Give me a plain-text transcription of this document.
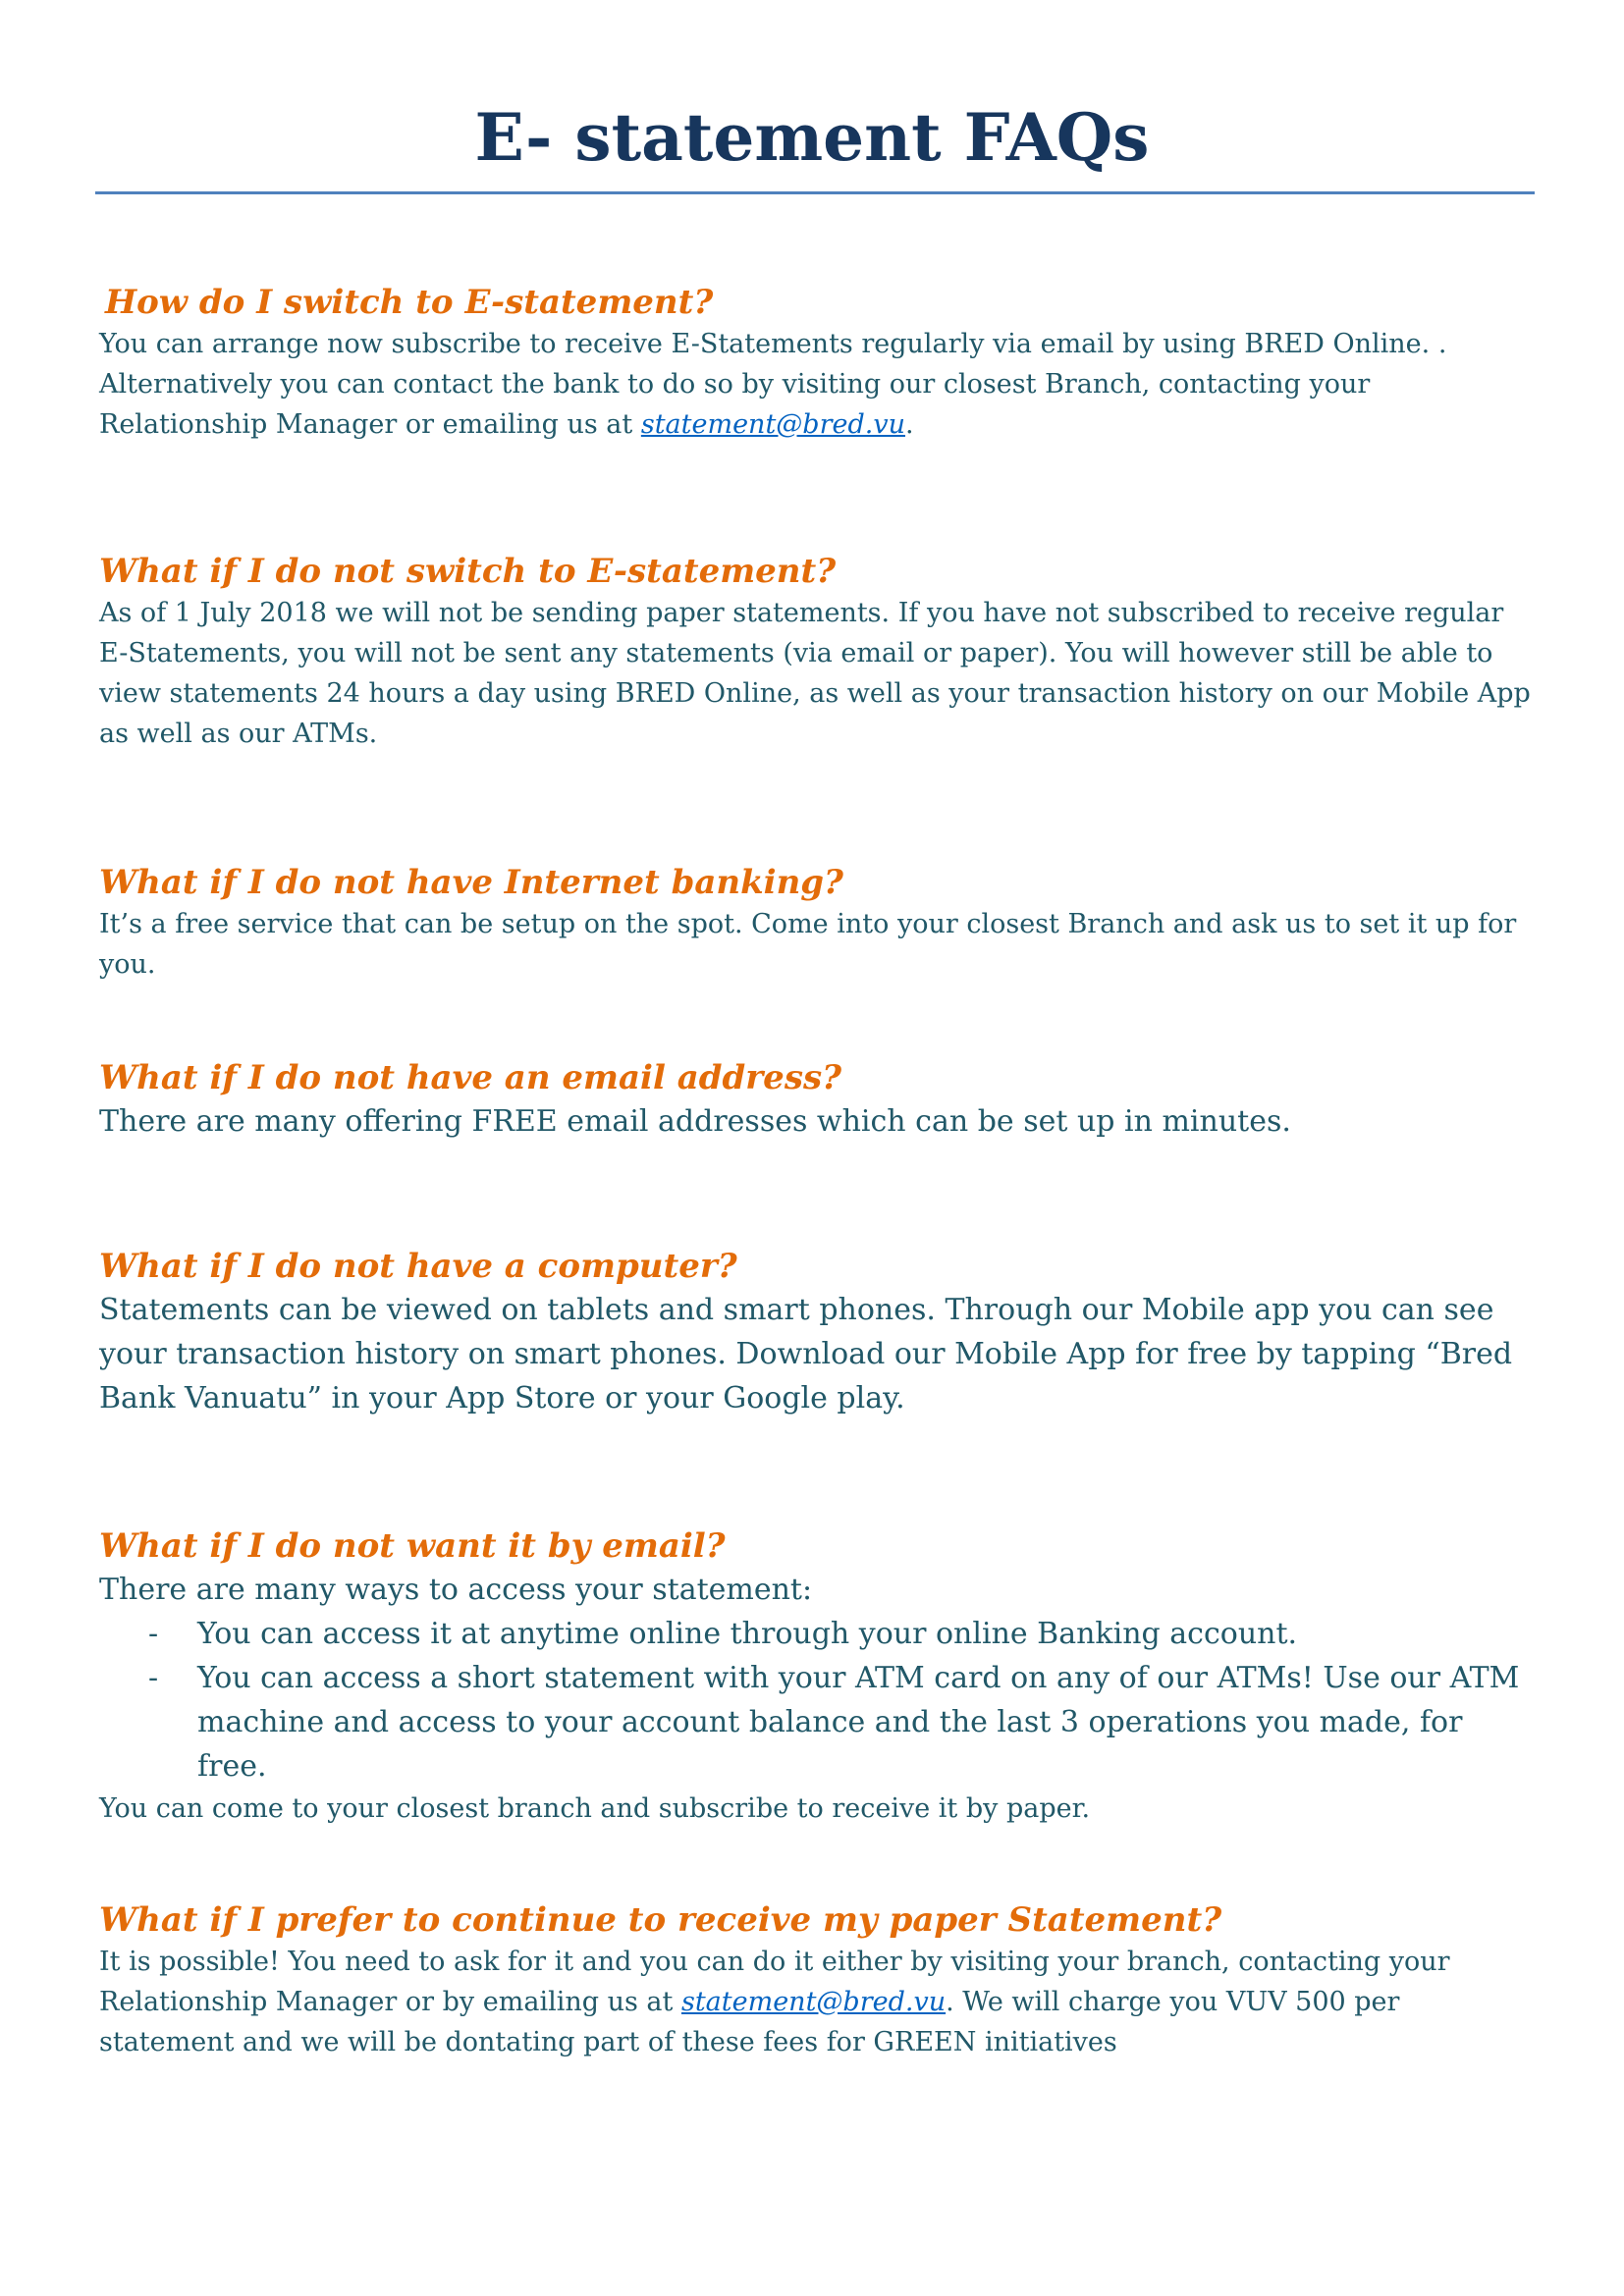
E- statement FAQs

How do I switch to E-statement?

You can arrange now subscribe to receive E-Statements regularly via email by using BRED Online. . Alternatively you can contact the bank to do so by visiting our closest Branch, contacting your Relationship Manager or emailing us at statement@bred.vu.

What if I do not switch to E-statement?

As of 1 July 2018 we will not be sending paper statements. If you have not subscribed to receive regular E-Statements, you will not be sent any statements (via email or paper). You will however still be able to view statements 24 hours a day using BRED Online, as well as your transaction history on our Mobile App as well as our ATMs.

What if I do not have Internet banking?

It’s a free service that can be setup on the spot. Come into your closest Branch and ask us to set it up for you.

What if I do not have an email address?

There are many offering FREE email addresses which can be set up in minutes.

What if I do not have a computer?

Statements can be viewed on tablets and smart phones. Through our Mobile app you can see your transaction history on smart phones. Download our Mobile App for free by tapping “Bred Bank Vanuatu” in your App Store or your Google play.

What if I do not want it by email?

There are many ways to access your statement:

- You can access it at anytime online through your online Banking account.
- You can access a short statement with your ATM card on any of our ATMs! Use our ATM machine and access to your account balance and the last 3 operations you made, for free.

You can come to your closest branch and subscribe to receive it by paper.

What if I prefer to continue to receive my paper Statement?

It is possible! You need to ask for it and you can do it either by visiting your branch, contacting your Relationship Manager or by emailing us at statement@bred.vu. We will charge you VUV 500 per statement and we will be dontating part of these fees for GREEN initiatives
